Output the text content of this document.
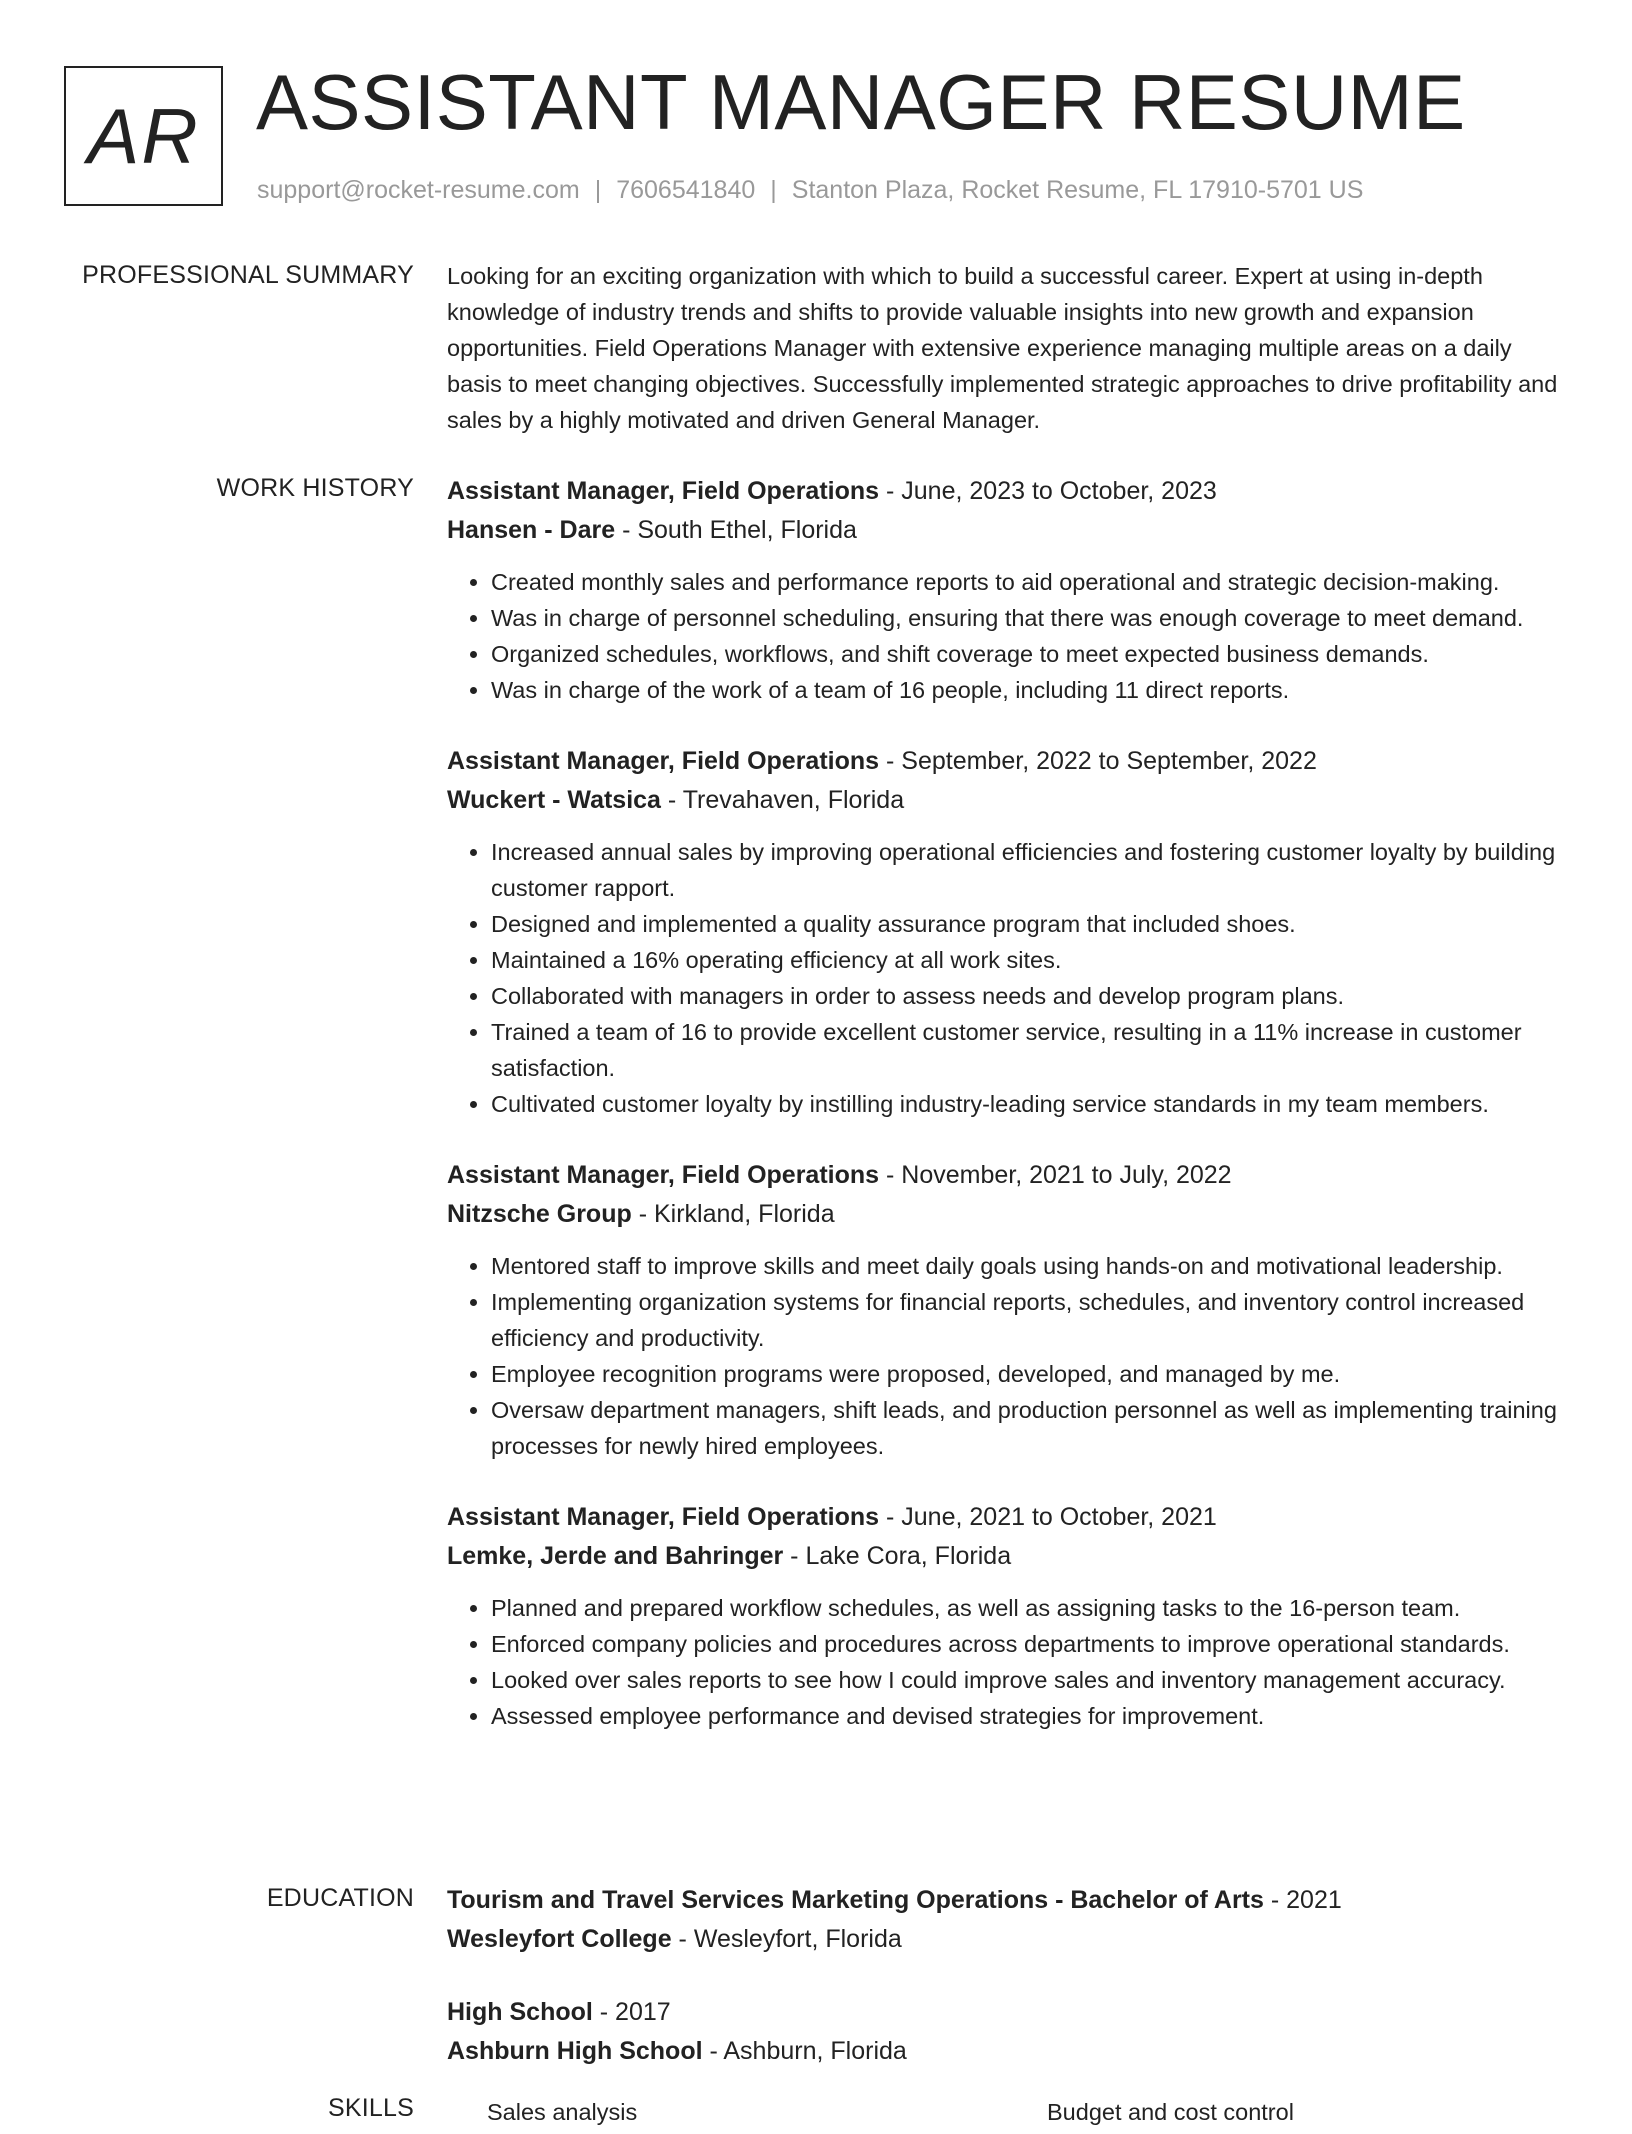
AR ASSISTANT MANAGER RESUME
support@rocket-resume.com | 7606541840 | Stanton Plaza, Rocket Resume, FL 17910-5701 US
PROFESSIONAL SUMMARY Looking for an exciting organization with which to build a successful career. Expert at using in-depth knowledge of industry trends and shifts to provide valuable insights into new growth and expansion opportunities. Field Operations Manager with extensive experience managing multiple areas on a daily basis to meet changing objectives. Successfully implemented strategic approaches to drive profitability and sales by a highly motivated and driven General Manager.

WORK HISTORY Assistant Manager, Field Operations - June, 2023 to October, 2023
Hansen - Dare - South Ethel, Florida
• Created monthly sales and performance reports to aid operational and strategic decision-making.
• Was in charge of personnel scheduling, ensuring that there was enough coverage to meet demand.
• Organized schedules, workflows, and shift coverage to meet expected business demands.
• Was in charge of the work of a team of 16 people, including 11 direct reports.
Assistant Manager, Field Operations - September, 2022 to September, 2022
Wuckert - Watsica - Trevahaven, Florida
• Increased annual sales by improving operational efficiencies and fostering customer loyalty by building customer rapport.
• Designed and implemented a quality assurance program that included shoes.
• Maintained a 16% operating efficiency at all work sites.
• Collaborated with managers in order to assess needs and develop program plans.
• Trained a team of 16 to provide excellent customer service, resulting in a 11% increase in customer satisfaction.
• Cultivated customer loyalty by instilling industry-leading service standards in my team members.
Assistant Manager, Field Operations - November, 2021 to July, 2022
Nitzsche Group - Kirkland, Florida
• Mentored staff to improve skills and meet daily goals using hands-on and motivational leadership.
• Implementing organization systems for financial reports, schedules, and inventory control increased efficiency and productivity.
• Employee recognition programs were proposed, developed, and managed by me.
• Oversaw department managers, shift leads, and production personnel as well as implementing training processes for newly hired employees.
Assistant Manager, Field Operations - June, 2021 to October, 2021
Lemke, Jerde and Bahringer - Lake Cora, Florida
• Planned and prepared workflow schedules, as well as assigning tasks to the 16-person team.
• Enforced company policies and procedures across departments to improve operational standards.
• Looked over sales reports to see how I could improve sales and inventory management accuracy.
• Assessed employee performance and devised strategies for improvement.
EDUCATION Tourism and Travel Services Marketing Operations - Bachelor of Arts - 2021
Wesleyfort College - Wesleyfort, Florida
High School - 2017
Ashburn High School - Ashburn, Florida
SKILLS	Sales analysis	Budget and cost control
